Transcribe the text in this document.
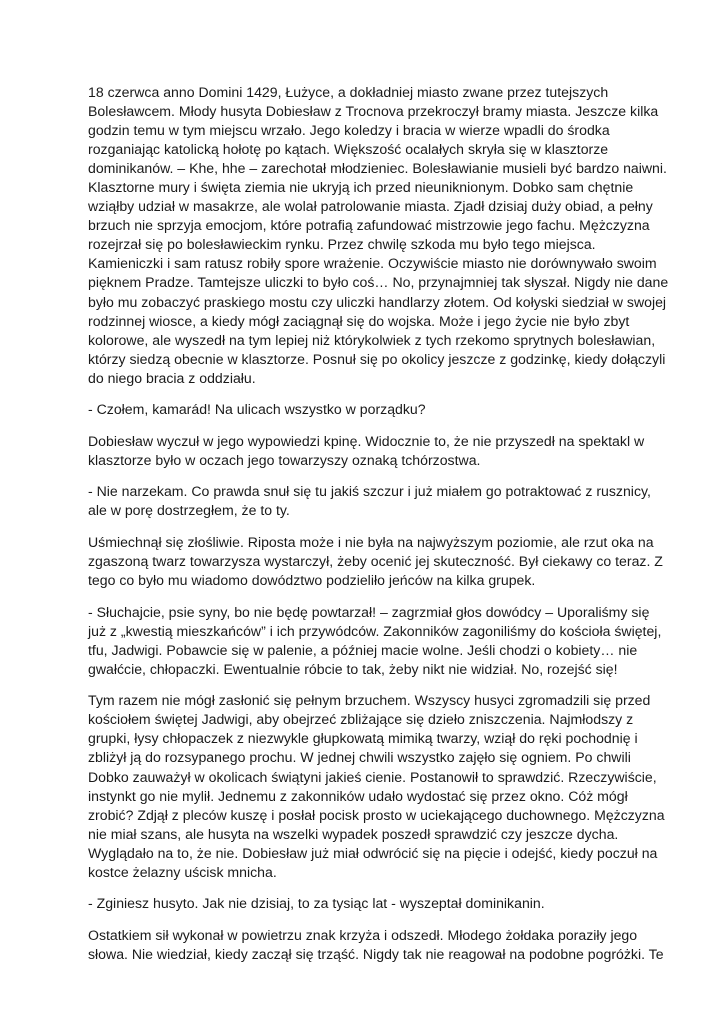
18 czerwca anno Domini 1429, Łużyce, a dokładniej miasto zwane przez tutejszych
Bolesławcem. Młody husyta Dobiesław z Trocnova przekroczył bramy miasta. Jeszcze kilka
godzin temu w tym miejscu wrzało. Jego koledzy i bracia w wierze wpadli do środka
rozganiając katolicką hołotę po kątach. Większość ocalałych skryła się w klasztorze
dominikanów. – Khe, hhe – zarechotał młodzieniec. Bolesławianie musieli być bardzo naiwni.
Klasztorne mury i święta ziemia nie ukryją ich przed nieuniknionym. Dobko sam chętnie
wziąłby udział w masakrze, ale wolał patrolowanie miasta. Zjadł dzisiaj duży obiad, a pełny
brzuch nie sprzyja emocjom, które potrafią zafundować mistrzowie jego fachu. Mężczyzna
rozejrzał się po bolesławieckim rynku. Przez chwilę szkoda mu było tego miejsca.
Kamieniczki i sam ratusz robiły spore wrażenie. Oczywiście miasto nie dorównywało swoim
pięknem Pradze. Tamtejsze uliczki to było coś… No, przynajmniej tak słyszał. Nigdy nie dane
było mu zobaczyć praskiego mostu czy uliczki handlarzy złotem. Od kołyski siedział w swojej
rodzinnej wiosce, a kiedy mógł zaciągnął się do wojska. Może i jego życie nie było zbyt
kolorowe, ale wyszedł na tym lepiej niż którykolwiek z tych rzekomo sprytnych bolesławian,
którzy siedzą obecnie w klasztorze. Posnuł się po okolicy jeszcze z godzinkę, kiedy dołączyli
do niego bracia z oddziału.

- Czołem, kamarád! Na ulicach wszystko w porządku?

Dobiesław wyczuł w jego wypowiedzi kpinę. Widocznie to, że nie przyszedł na spektakl w
klasztorze było w oczach jego towarzyszy oznaką tchórzostwa.

- Nie narzekam. Co prawda snuł się tu jakiś szczur i już miałem go potraktować z rusznicy,
ale w porę dostrzegłem, że to ty.

Uśmiechnął się złośliwie. Riposta może i nie była na najwyższym poziomie, ale rzut oka na
zgaszoną twarz towarzysza wystarczył, żeby ocenić jej skuteczność. Był ciekawy co teraz. Z
tego co było mu wiadomo dowództwo podzieliło jeńców na kilka grupek.

- Słuchajcie, psie syny, bo nie będę powtarzał! – zagrzmiał głos dowódcy – Uporaliśmy się
już z „kwestią mieszkańców” i ich przywódców. Zakonników zagoniliśmy do kościoła świętej,
tfu, Jadwigi. Pobawcie się w palenie, a później macie wolne. Jeśli chodzi o kobiety… nie
gwałćcie, chłopaczki. Ewentualnie róbcie to tak, żeby nikt nie widział. No, rozejść się!

Tym razem nie mógł zasłonić się pełnym brzuchem. Wszyscy husyci zgromadzili się przed
kościołem świętej Jadwigi, aby obejrzeć zbliżające się dzieło zniszczenia. Najmłodszy z
grupki, łysy chłopaczek z niezwykle głupkowatą mimiką twarzy, wziął do ręki pochodnię i
zbliżył ją do rozsypanego prochu. W jednej chwili wszystko zajęło się ogniem. Po chwili
Dobko zauważył w okolicach świątyni jakieś cienie. Postanowił to sprawdzić. Rzeczywiście,
instynkt go nie mylił. Jednemu z zakonników udało wydostać się przez okno. Cóż mógł
zrobić? Zdjął z pleców kuszę i posłał pocisk prosto w uciekającego duchownego. Mężczyzna
nie miał szans, ale husyta na wszelki wypadek poszedł sprawdzić czy jeszcze dycha.
Wyglądało na to, że nie. Dobiesław już miał odwrócić się na pięcie i odejść, kiedy poczuł na
kostce żelazny uścisk mnicha.

- Zginiesz husyto. Jak nie dzisiaj, to za tysiąc lat - wyszeptał dominikanin.

Ostatkiem sił wykonał w powietrzu znak krzyża i odszedł. Młodego żołdaka poraziły jego
słowa. Nie wiedział, kiedy zaczął się trząść. Nigdy tak nie reagował na podobne pogróżki. Te
